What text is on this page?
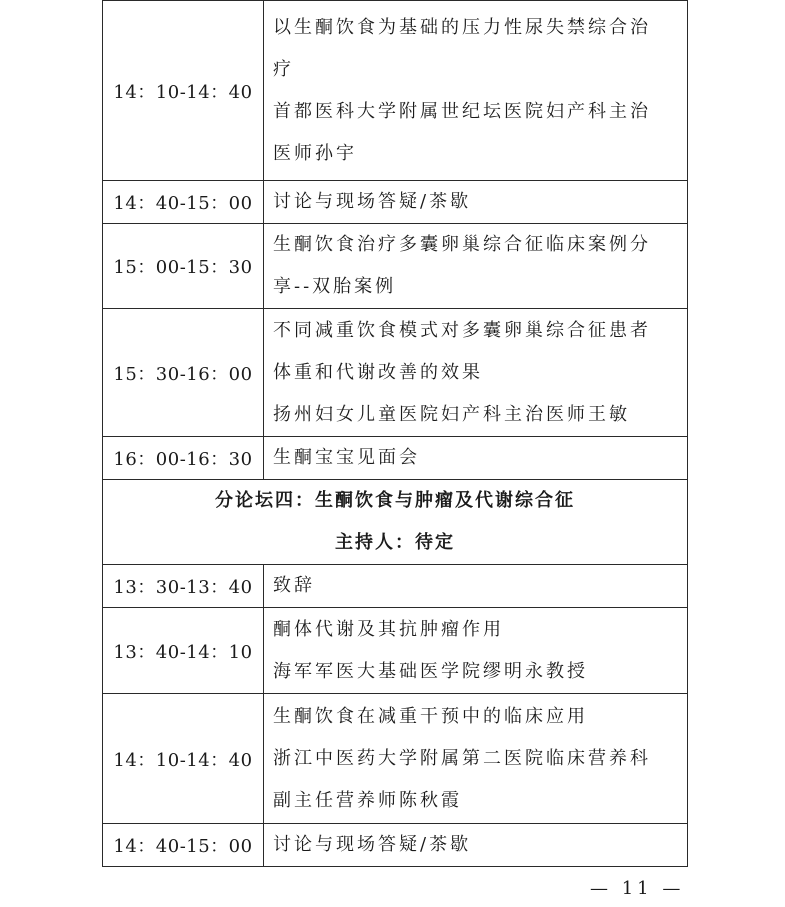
14：10-14：40	以生酮饮食为基础的压力性尿失禁综合治
疗
首都医科大学附属世纪坛医院妇产科主治
医师孙宇

14：40-15：00	讨论与现场答疑/茶歇

15：00-15：30	生酮饮食治疗多囊卵巢综合征临床案例分
享--双胎案例

15：30-16：00	不同减重饮食模式对多囊卵巢综合征患者
体重和代谢改善的效果
扬州妇女儿童医院妇产科主治医师王敏

16：00-16：30	生酮宝宝见面会

分论坛四：生酮饮食与肿瘤及代谢综合征
主持人：待定	

13：30-13：40	致辞

13：40-14：10	酮体代谢及其抗肿瘤作用
海军军医大基础医学院缪明永教授

14：10-14：40	生酮饮食在减重干预中的临床应用
浙江中医药大学附属第二医院临床营养科
副主任营养师陈秋霞

14：40-15：00	讨论与现场答疑/茶歇
— 11 —
